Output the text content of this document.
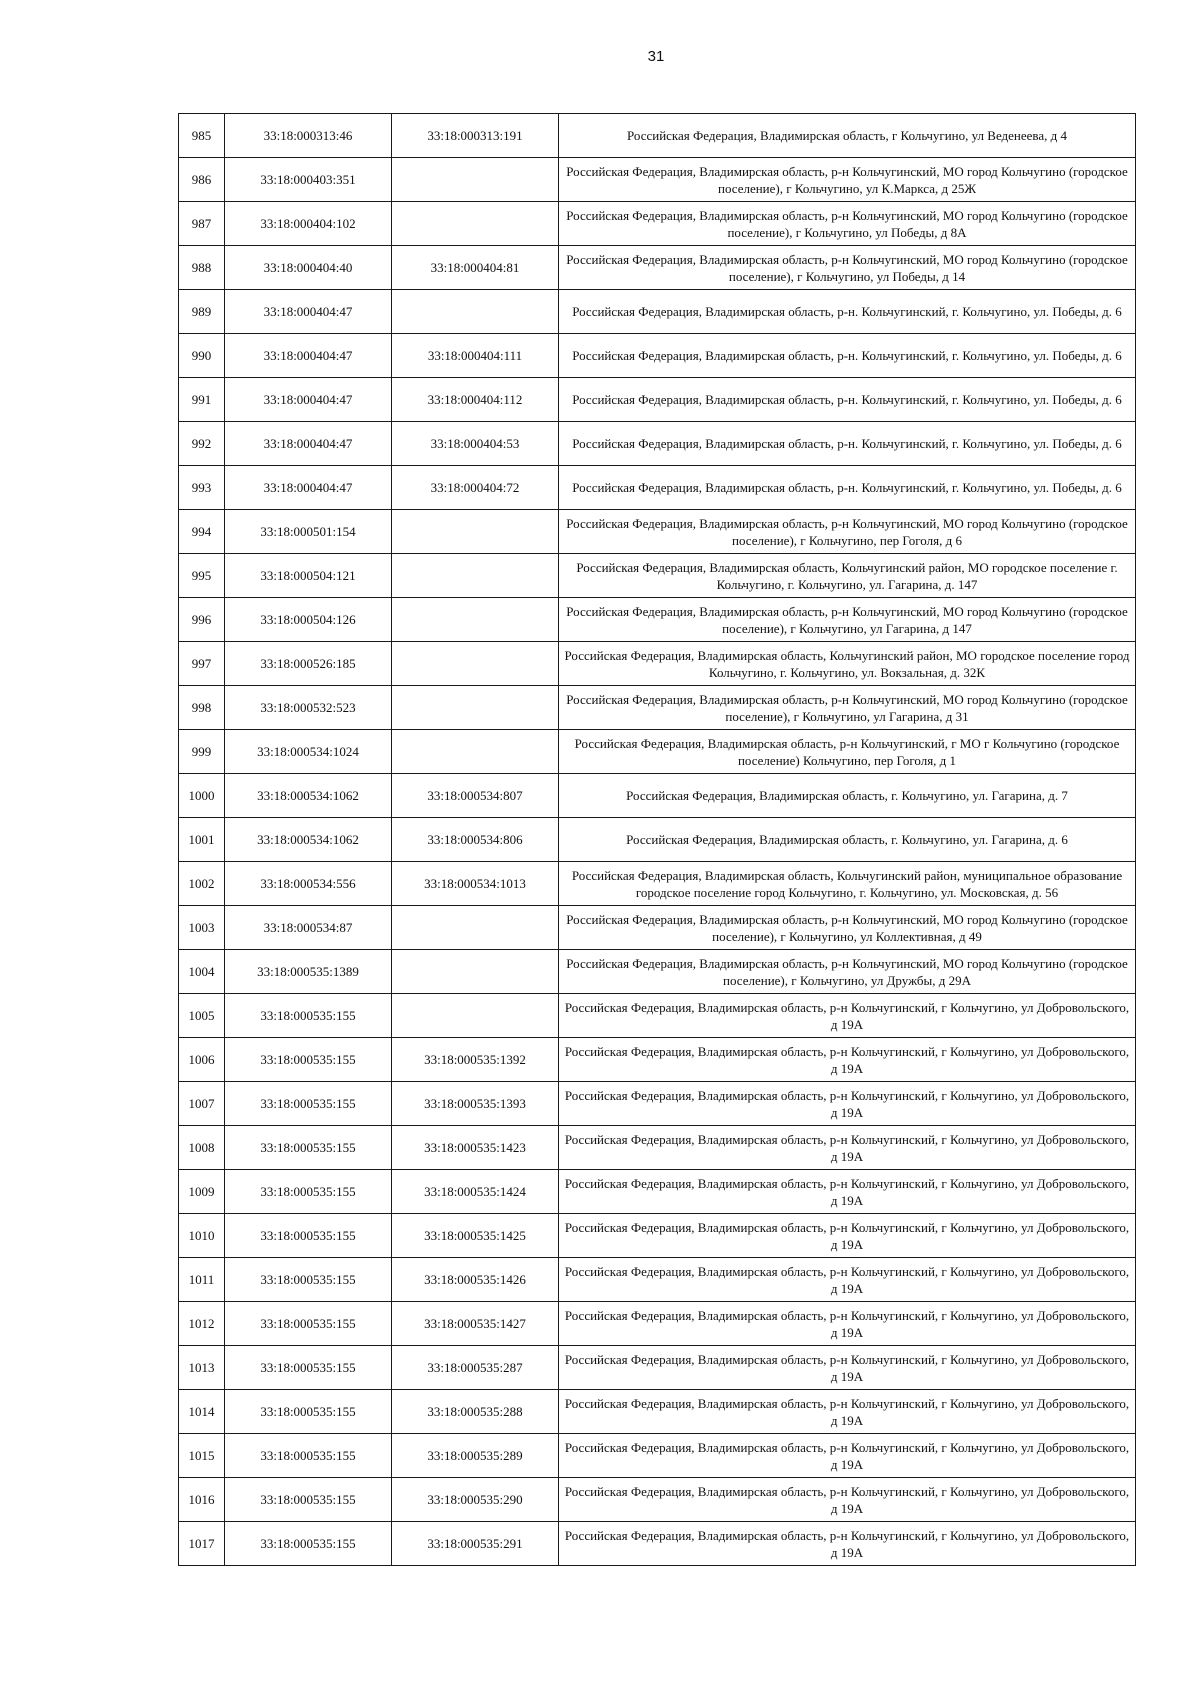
31
985	33:18:000313:46	33:18:000313:191	Российская Федерация, Владимирская область, г Кольчугино, ул Веденеева, д 4
986	33:18:000403:351		Российская Федерация, Владимирская область, р-н Кольчугинский, МО город Кольчугино (городское поселение), г Кольчугино, ул К.Маркса, д 25Ж
987	33:18:000404:102		Российская Федерация, Владимирская область, р-н Кольчугинский, МО город Кольчугино (городское поселение), г Кольчугино, ул Победы, д 8А
988	33:18:000404:40	33:18:000404:81	Российская Федерация, Владимирская область, р-н Кольчугинский, МО город Кольчугино (городское поселение), г Кольчугино, ул Победы, д 14
989	33:18:000404:47		Российская Федерация, Владимирская область, р-н. Кольчугинский, г. Кольчугино, ул. Победы, д. 6
990	33:18:000404:47	33:18:000404:111	Российская Федерация, Владимирская область, р-н. Кольчугинский, г. Кольчугино, ул. Победы, д. 6
991	33:18:000404:47	33:18:000404:112	Российская Федерация, Владимирская область, р-н. Кольчугинский, г. Кольчугино, ул. Победы, д. 6
992	33:18:000404:47	33:18:000404:53	Российская Федерация, Владимирская область, р-н. Кольчугинский, г. Кольчугино, ул. Победы, д. 6
993	33:18:000404:47	33:18:000404:72	Российская Федерация, Владимирская область, р-н. Кольчугинский, г. Кольчугино, ул. Победы, д. 6
994	33:18:000501:154		Российская Федерация, Владимирская область, р-н Кольчугинский, МО город Кольчугино (городское поселение), г Кольчугино, пер Гоголя, д 6
995	33:18:000504:121		Российская Федерация, Владимирская область, Кольчугинский район, МО городское поселение г. Кольчугино, г. Кольчугино, ул. Гагарина, д. 147
996	33:18:000504:126		Российская Федерация, Владимирская область, р-н Кольчугинский, МО город Кольчугино (городское поселение), г Кольчугино, ул Гагарина, д 147
997	33:18:000526:185		Российская Федерация, Владимирская область, Кольчугинский район, МО городское поселение город Кольчугино, г. Кольчугино, ул. Вокзальная, д. 32К
998	33:18:000532:523		Российская Федерация, Владимирская область, р-н Кольчугинский, МО город Кольчугино (городское поселение), г Кольчугино, ул Гагарина, д 31
999	33:18:000534:1024		Российская Федерация, Владимирская область, р-н Кольчугинский, г МО г Кольчугино (городское поселение) Кольчугино, пер Гоголя, д 1
1000	33:18:000534:1062	33:18:000534:807	Российская Федерация, Владимирская область, г. Кольчугино, ул. Гагарина, д. 7
1001	33:18:000534:1062	33:18:000534:806	Российская Федерация, Владимирская область, г. Кольчугино, ул. Гагарина, д. 6
1002	33:18:000534:556	33:18:000534:1013	Российская Федерация, Владимирская область, Кольчугинский район, муниципальное образование городское поселение город Кольчугино, г. Кольчугино, ул. Московская, д. 56
1003	33:18:000534:87		Российская Федерация, Владимирская область, р-н Кольчугинский, МО город Кольчугино (городское поселение), г Кольчугино, ул Коллективная, д 49
1004	33:18:000535:1389		Российская Федерация, Владимирская область, р-н Кольчугинский, МО город Кольчугино (городское поселение), г Кольчугино, ул Дружбы, д 29А
1005	33:18:000535:155		Российская Федерация, Владимирская область, р-н Кольчугинский, г Кольчугино, ул Добровольского, д 19А
1006	33:18:000535:155	33:18:000535:1392	Российская Федерация, Владимирская область, р-н Кольчугинский, г Кольчугино, ул Добровольского, д 19А
1007	33:18:000535:155	33:18:000535:1393	Российская Федерация, Владимирская область, р-н Кольчугинский, г Кольчугино, ул Добровольского, д 19А
1008	33:18:000535:155	33:18:000535:1423	Российская Федерация, Владимирская область, р-н Кольчугинский, г Кольчугино, ул Добровольского, д 19А
1009	33:18:000535:155	33:18:000535:1424	Российская Федерация, Владимирская область, р-н Кольчугинский, г Кольчугино, ул Добровольского, д 19А
1010	33:18:000535:155	33:18:000535:1425	Российская Федерация, Владимирская область, р-н Кольчугинский, г Кольчугино, ул Добровольского, д 19А
1011	33:18:000535:155	33:18:000535:1426	Российская Федерация, Владимирская область, р-н Кольчугинский, г Кольчугино, ул Добровольского, д 19А
1012	33:18:000535:155	33:18:000535:1427	Российская Федерация, Владимирская область, р-н Кольчугинский, г Кольчугино, ул Добровольского, д 19А
1013	33:18:000535:155	33:18:000535:287	Российская Федерация, Владимирская область, р-н Кольчугинский, г Кольчугино, ул Добровольского, д 19А
1014	33:18:000535:155	33:18:000535:288	Российская Федерация, Владимирская область, р-н Кольчугинский, г Кольчугино, ул Добровольского, д 19А
1015	33:18:000535:155	33:18:000535:289	Российская Федерация, Владимирская область, р-н Кольчугинский, г Кольчугино, ул Добровольского, д 19А
1016	33:18:000535:155	33:18:000535:290	Российская Федерация, Владимирская область, р-н Кольчугинский, г Кольчугино, ул Добровольского, д 19А
1017	33:18:000535:155	33:18:000535:291	Российская Федерация, Владимирская область, р-н Кольчугинский, г Кольчугино, ул Добровольского, д 19А
